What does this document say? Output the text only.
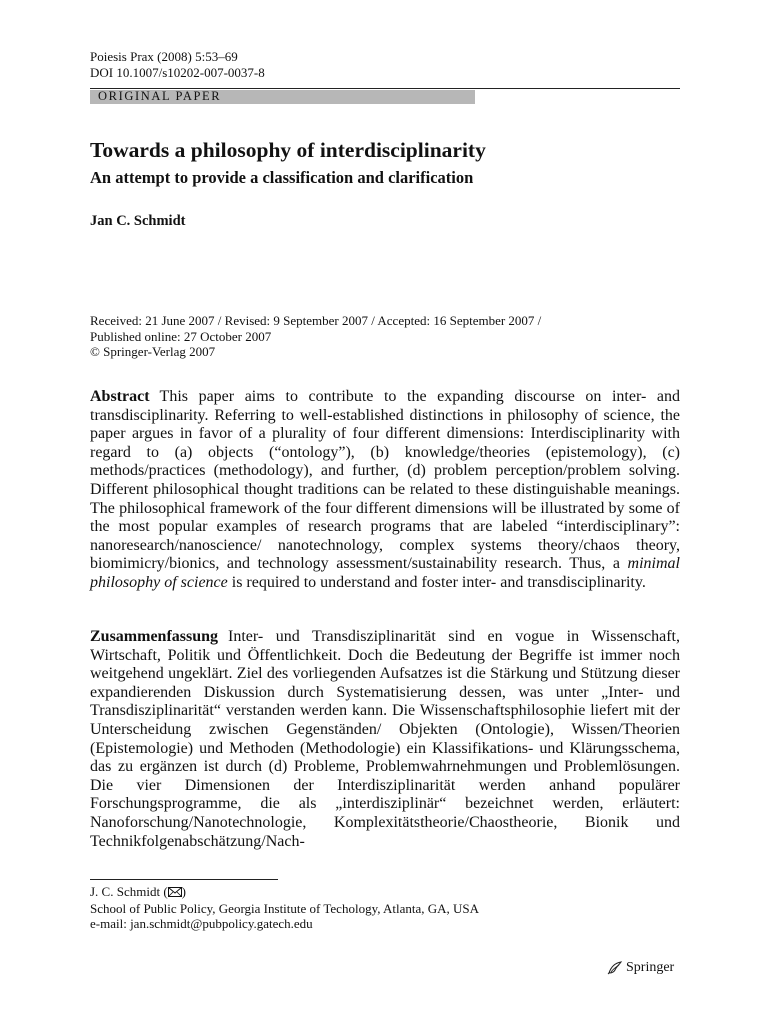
Poiesis Prax (2008) 5:53–69
DOI 10.1007/s10202-007-0037-8
ORIGINAL PAPER
Towards a philosophy of interdisciplinarity
An attempt to provide a classification and clarification
Jan C. Schmidt
Received: 21 June 2007 / Revised: 9 September 2007 / Accepted: 16 September 2007 /
Published online: 27 October 2007
© Springer-Verlag 2007
Abstract This paper aims to contribute to the expanding discourse on inter- and transdisciplinarity. Referring to well-established distinctions in philosophy of science, the paper argues in favor of a plurality of four different dimensions: Interdisciplinarity with regard to (a) objects (“ontology”), (b) knowledge/theories (epistemology), (c) methods/practices (methodology), and further, (d) problem perception/problem solving. Different philosophical thought traditions can be related to these distinguishable meanings. The philosophical framework of the four different dimensions will be illustrated by some of the most popular examples of research programs that are labeled “interdisciplinary”: nanoresearch/nanoscience/ nanotechnology, complex systems theory/chaos theory, biomimicry/bionics, and technology assessment/sustainability research. Thus, a minimal philosophy of science is required to understand and foster inter- and transdisciplinarity.
Zusammenfassung Inter- und Transdisziplinarität sind en vogue in Wissenschaft, Wirtschaft, Politik und Öffentlichkeit. Doch die Bedeutung der Begriffe ist immer noch weitgehend ungeklärt. Ziel des vorliegenden Aufsatzes ist die Stärkung und Stützung dieser expandierenden Diskussion durch Systematisierung dessen, was unter „Inter- und Transdisziplinarität“ verstanden werden kann. Die Wissenschaftsphilosophie liefert mit der Unterscheidung zwischen Gegenständen/ Objekten (Ontologie), Wissen/Theorien (Epistemologie) und Methoden (Methodologie) ein Klassifikations- und Klärungsschema, das zu ergänzen ist durch (d) Probleme, Problemwahrnehmungen und Problemlösungen. Die vier Dimensionen der Interdisziplinarität werden anhand populärer Forschungsprogramme, die als „interdisziplinär“ bezeichnet werden, erläutert: Nanoforschung/Nanotechnologie, Komplexitätstheorie/Chaostheorie, Bionik und Technikfolgenabschätzung/Nach-
J. C. Schmidt ( )
School of Public Policy, Georgia Institute of Techology, Atlanta, GA, USA
e-mail: jan.schmidt@pubpolicy.gatech.edu
Springer
